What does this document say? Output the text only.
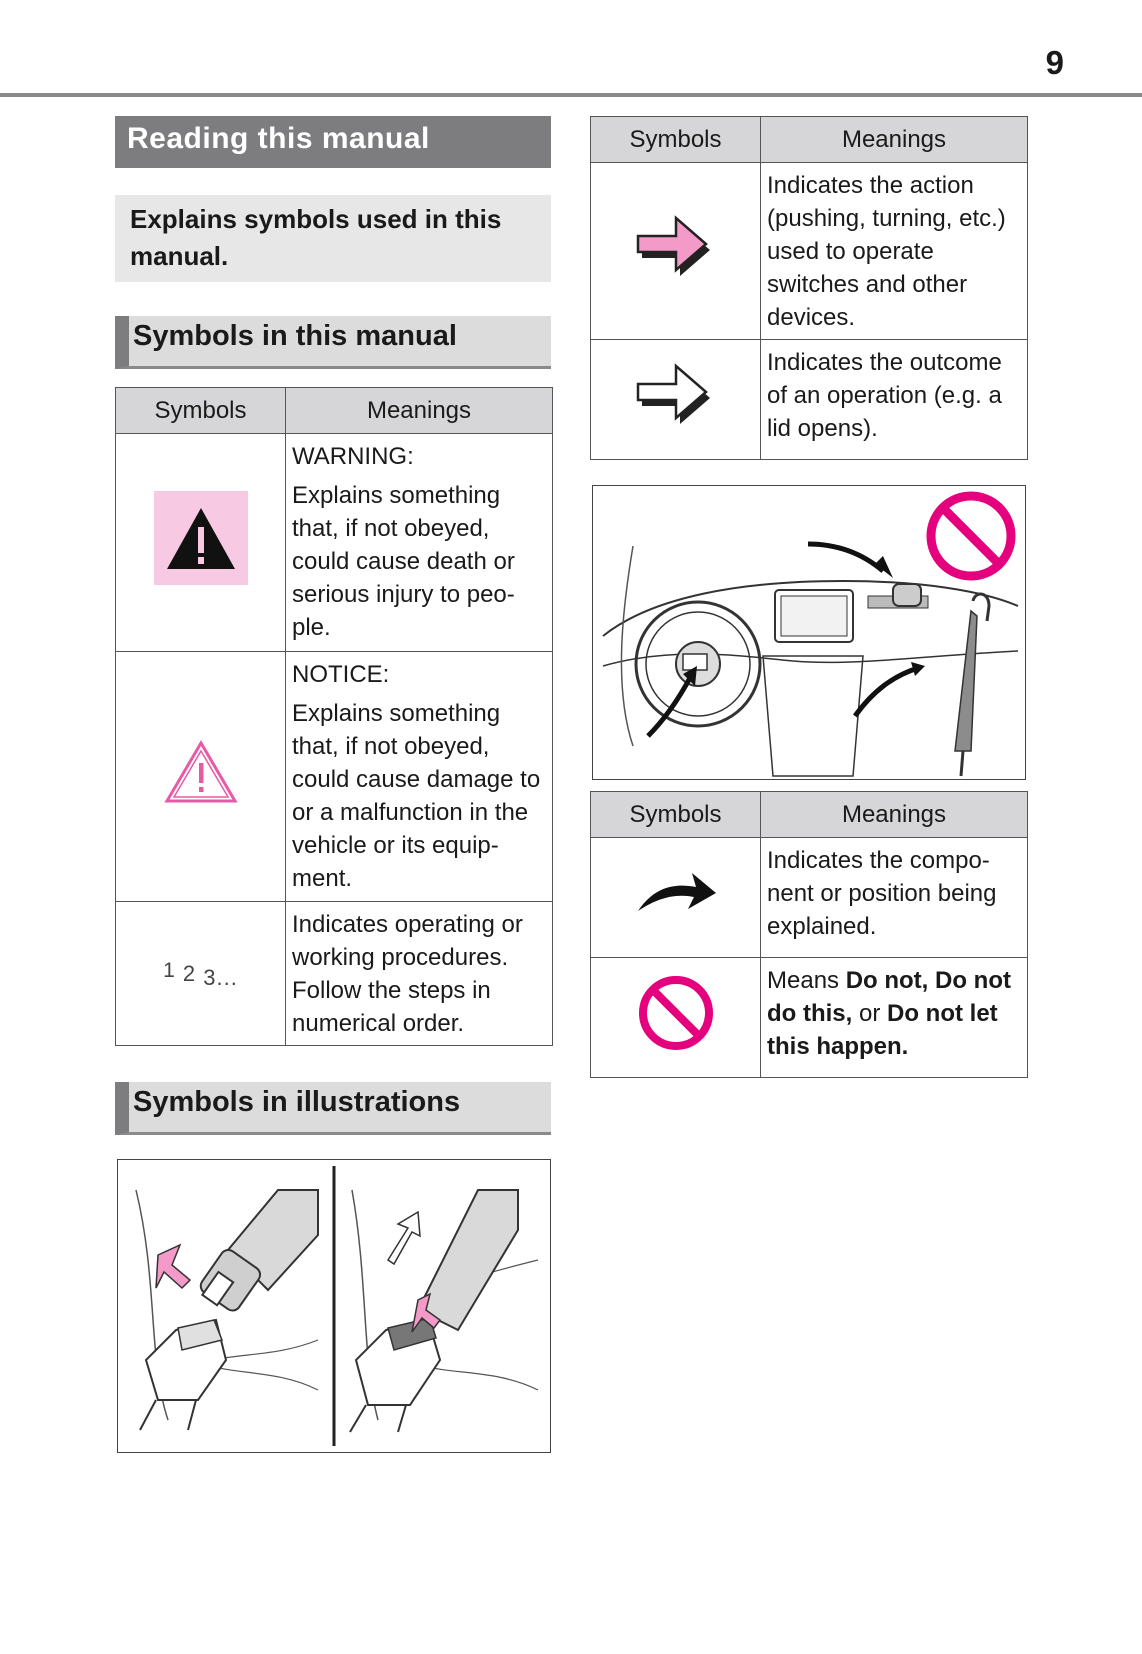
9
Reading this manual
Explains symbols used in this manual.
Symbols in this manual
Symbols	Meanings

WARNING:
Explains something that, if not obeyed, could cause death or serious injury to peo-ple.

NOTICE:
Explains something that, if not obeyed, could cause damage to or a malfunction in the vehicle or its equip-ment.

1 2 3...	Indicates operating or working procedures. Follow the steps in numerical order.
Symbols in illustrations
Symbols	Meanings

Indicates the action (pushing, turning, etc.) used to operate switches and other devices.

Indicates the outcome of an operation (e.g. a lid opens).
Symbols	Meanings

Indicates the compo-nent or position being explained.

Means Do not, Do not do this, or Do not let this happen.
